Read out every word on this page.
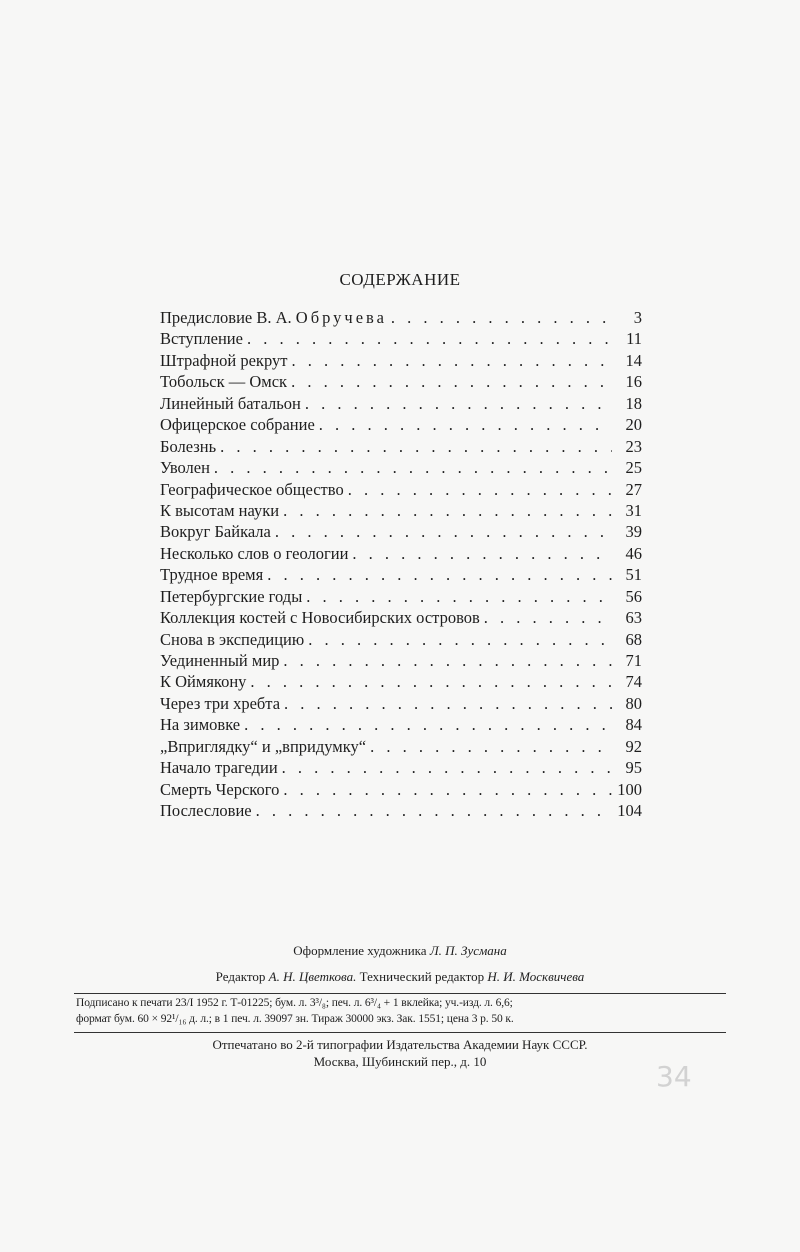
СОДЕРЖАНИЕ
Предисловие В. А. Обручева . . .	3
Вступление . . .	11
Штрафной рекрут . . .	14
Тобольск — Омск . . .	16
Линейный батальон . . .	18
Офицерское собрание . . .	20
Болезнь . . .	23
Уволен . . .	25
Географическое общество . . .	27
К высотам науки . . .	31
Вокруг Байкала . . .	39
Несколько слов о геологии . . .	46
Трудное время . . .	51
Петербургские годы . . .	56
Коллекция костей с Новосибирских островов . . .	63
Снова в экспедицию . . .	68
Уединенный мир . . .	71
К Оймякону . . .	74
Через три хребта . . .	80
На зимовке . . .	84
„Вприглядку“ и „впридумку“ . . .	92
Начало трагедии . . .	95
Смерть Черского . . .	100
Послесловие . . .	104
Оформление художника Л. П. Зусмана
Редактор А. Н. Цветкова. Технический редактор Н. И. Москвичева
Подписано к печати 23/I 1952 г. Т-01225; бум. л. 3³/₈; печ. л. 6³/₄ + 1 вклейка; уч.-изд. л. 6,6;
формат бум. 60 × 92¹/₁₆ д. л.; в 1 печ. л. 39097 зн. Тираж 30000 экз. Зак. 1551; цена 3 р. 50 к.
Отпечатано во 2-й типографии Издательства Академии Наук СССР.
Москва, Шубинский пер., д. 10	34
